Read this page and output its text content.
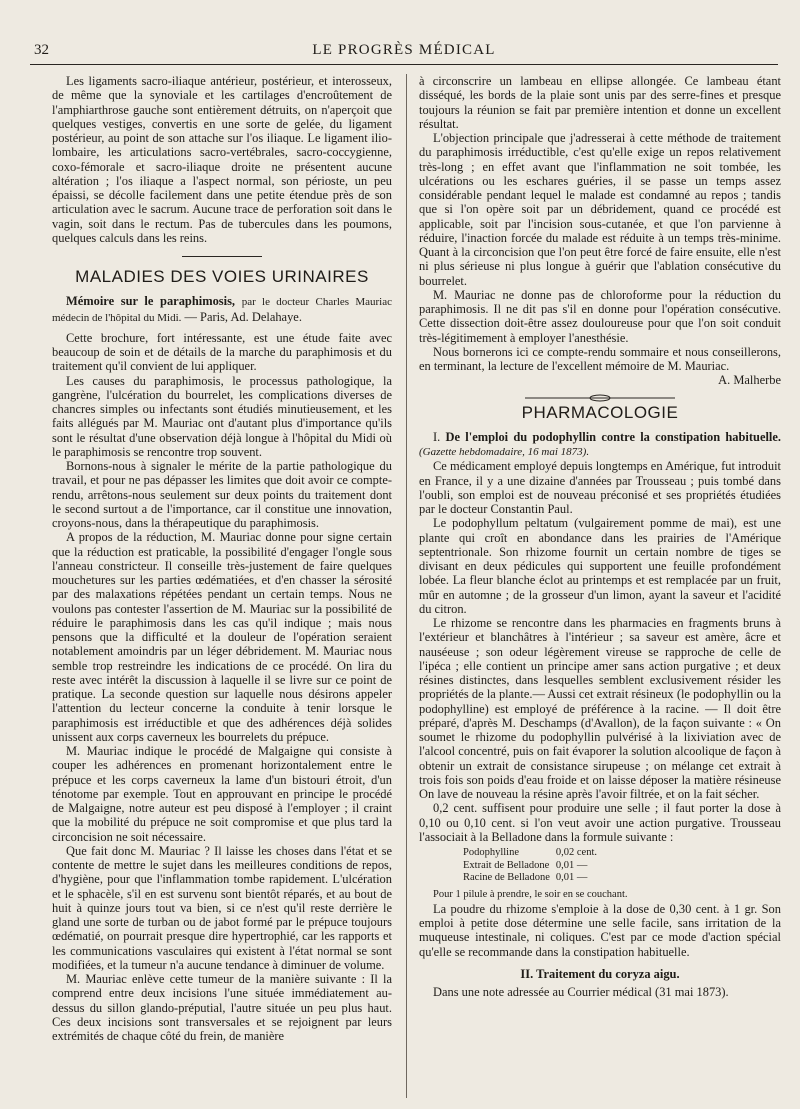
32	LE PROGRÈS MÉDICAL

Les ligaments sacro-iliaque antérieur, postérieur, et interosseux, de même que la synoviale et les cartilages d'encroûtement de l'amphiarthrose gauche sont entièrement détruits, on n'aperçoit que quelques vestiges, convertis en une sorte de gelée, du ligament postérieur, au point de son attache sur l'os iliaque. Le ligament ilio-lombaire, les articulations sacro-vertébrales, sacro-coccygienne, coxo-fémorale et sacro-iliaque droite ne présentent aucune altération ; l'os iliaque a l'aspect normal, son périoste, un peu épaissi, se décolle facilement dans une petite étendue près de son articulation avec le sacrum. Aucune trace de perforation soit dans le vagin, soit dans le rectum. Pas de tubercules dans les poumons, quelques calculs dans les reins.

MALADIES DES VOIES URINAIRES

Mémoire sur le paraphimosis, par le docteur Charles Mauriac médecin de l'hôpital du Midi. — Paris, Ad. Delahaye.

Cette brochure, fort intéressante, est une étude faite avec beaucoup de soin et de détails de la marche du paraphimosis et du traitement qu'il convient de lui appliquer.

Les causes du paraphimosis, le processus pathologique, la gangrène, l'ulcération du bourrelet, les complications diverses de chancres simples ou infectants sont étudiés minutieusement, et les faits allégués par M. Mauriac ont d'autant plus d'importance qu'ils sont le résultat d'une observation déjà longue à l'hôpital du Midi où le paraphimosis se rencontre trop souvent.

Bornons-nous à signaler le mérite de la partie pathologique du travail, et pour ne pas dépasser les limites que doit avoir ce compte-rendu, arrêtons-nous seulement sur deux points du traitement dont le second surtout a de l'importance, car il constitue une innovation, croyons-nous, dans la thérapeutique du paraphimosis.

A propos de la réduction, M. Mauriac donne pour signe certain que la réduction est praticable, la possibilité d'engager l'ongle sous l'anneau constricteur. Il conseille très-justement de faire quelques mouchetures sur les parties œdématiées, et d'en chasser la sérosité par des malaxations répétées pendant un certain temps. Nous ne voulons pas contester l'assertion de M. Mauriac sur la possibilité de réduire le paraphimosis dans les cas qu'il indique ; mais nous pensons que la difficulté et la douleur de l'opération seraient notablement amoindris par un léger débridement. M. Mauriac nous semble trop restreindre les indications de ce procédé. On lira du reste avec intérêt la discussion à laquelle il se livre sur ce point de pratique. La seconde question sur laquelle nous désirons appeler l'attention du lecteur concerne la conduite à tenir lorsque le paraphimosis est irréductible et que des adhérences déjà solides unissent aux corps caverneux les bourrelets du prépuce.

M. Mauriac indique le procédé de Malgaigne qui consiste à couper les adhérences en promenant horizontalement entre le prépuce et les corps caverneux la lame d'un bistouri étroit, d'un ténotome par exemple. Tout en approuvant en principe le procédé de Malgaigne, notre auteur est peu disposé à l'employer ; il craint que la mobilité du prépuce ne soit compromise et que plus tard la circoncision ne soit nécessaire.

Que fait donc M. Mauriac ? Il laisse les choses dans l'état et se contente de mettre le sujet dans les meilleures conditions de repos, d'hygiène, pour que l'inflammation tombe rapidement. L'ulcération et le sphacèle, s'il en est survenu sont bientôt réparés, et au bout de huit à quinze jours tout va bien, si ce n'est qu'il reste derrière le gland une sorte de turban ou de jabot formé par le prépuce toujours œdématié, on pourrait presque dire hypertrophié, car les rapports et les communications vasculaires qui existent à l'état normal se sont modifiées, et la tumeur n'a aucune tendance à diminuer de volume.

M. Mauriac enlève cette tumeur de la manière suivante : Il la comprend entre deux incisions l'une située immédiatement au-dessus du sillon glando-préputial, l'autre située un peu plus haut. Ces deux incisions sont transversales et se rejoignent par leurs extrémités de chaque côté du frein, de manière

à circonscrire un lambeau en ellipse allongée. Ce lambeau étant disséqué, les bords de la plaie sont unis par des serre-fines et presque toujours la réunion se fait par première intention et donne un excellent résultat.

L'objection principale que j'adresserai à cette méthode de traitement du paraphimosis irréductible, c'est qu'elle exige un repos relativement très-long ; en effet avant que l'inflammation ne soit tombée, les ulcérations ou les eschares guéries, il se passe un temps assez considérable pendant lequel le malade est condamné au repos ; tandis que si l'on opère soit par un débridement, quand ce procédé est applicable, soit par l'incision sous-cutanée, et que l'on parvienne à réduire, l'inaction forcée du malade est réduite à un temps très-minime. Quant à la circoncision que l'on peut être forcé de faire ensuite, elle n'est ni plus sérieuse ni plus longue à guérir que l'ablation consécutive du bourrelet.

M. Mauriac ne donne pas de chloroforme pour la réduction du paraphimosis. Il ne dit pas s'il en donne pour l'opération consécutive. Cette dissection doit-être assez douloureuse pour que l'on soit conduit très-légitimement à employer l'anesthésie.

Nous bornerons ici ce compte-rendu sommaire et nous conseillerons, en terminant, la lecture de l'excellent mémoire de M. Mauriac.

A. Malherbe

PHARMACOLOGIE

I. De l'emploi du podophyllin contre la constipation habituelle. (Gazette hebdomadaire, 16 mai 1873).

Ce médicament employé depuis longtemps en Amérique, fut introduit en France, il y a une dizaine d'années par Trousseau ; puis tombé dans l'oubli, son emploi est de nouveau préconisé et ses propriétés étudiées par le docteur Constantin Paul.

Le podophyllum peltatum (vulgairement pomme de mai), est une plante qui croît en abondance dans les prairies de l'Amérique septentrionale. Son rhizome fournit un certain nombre de tiges se divisant en deux pédicules qui supportent une feuille profondément lobée. La fleur blanche éclot au printemps et est remplacée par un fruit, mûr en automne ; de la grosseur d'un limon, ayant la saveur et l'acidité du citron.

Le rhizome se rencontre dans les pharmacies en fragments bruns à l'extérieur et blanchâtres à l'intérieur ; sa saveur est amère, âcre et nauséeuse ; son odeur légèrement vireuse se rapproche de celle de l'ipéca ; elle contient un principe amer sans action purgative ; et deux résines distinctes, dans lesquelles semblent exclusivement résider les propriétés de la plante.— Aussi cet extrait résineux (le podophyllin ou la podophylline) est employé de préférence à la racine. — Il doit être préparé, d'après M. Deschamps (d'Avallon), de la façon suivante : « On soumet le rhizome du podophyllin pulvérisé à la lixiviation avec de l'alcool concentré, puis on fait évaporer la solution alcoolique de façon à obtenir un extrait de consistance sirupeuse ; on mélange cet extrait à trois fois son poids d'eau froide et on laisse déposer la matière résineuse On lave de nouveau la résine après l'avoir filtrée, et on la fait sécher.

0,2 cent. suffisent pour produire une selle ; il faut porter la dose à 0,10 ou 0,10 cent. si l'on veut avoir une action purgative. Trousseau l'associait à la Belladone dans la formule suivante :

Podophylline	0,02 cent.
Extrait de Belladone	0,01 —
Racine de Belladone	0,01 —

Pour 1 pilule à prendre, le soir en se couchant.

La poudre du rhizome s'emploie à la dose de 0,30 cent. à 1 gr. Son emploi à petite dose détermine une selle facile, sans irritation de la muqueuse intestinale, ni coliques. C'est par ce mode d'action spécial qu'elle se recommande dans la constipation habituelle.

II. Traitement du coryza aigu.

Dans une note adressée au Courrier médical (31 mai 1873).
